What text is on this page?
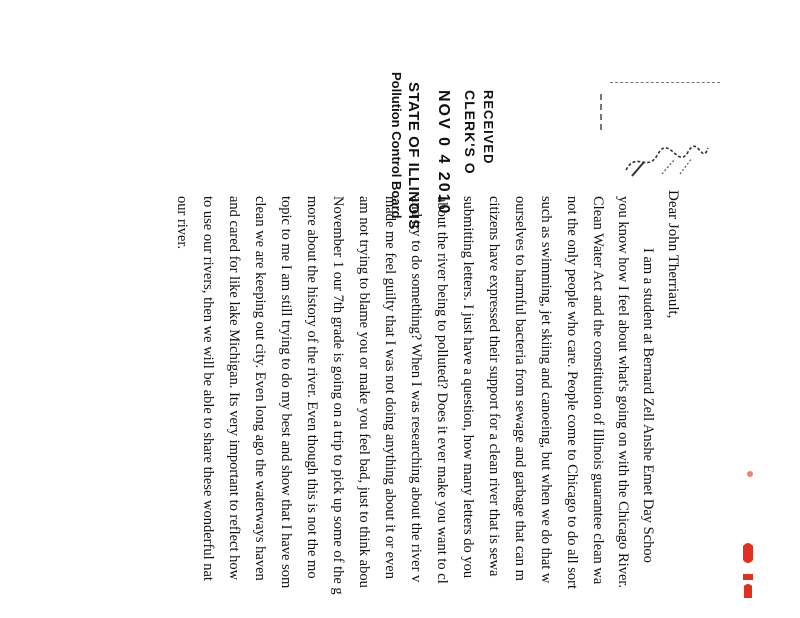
RECEIVED
CLERK'S O
NOV 0 4 2010
STATE OF ILLINOIS
Pollution Control Board
Dear John Therriault,
I am a student at Bernard Zell Anshe Emet Day Schoo
you know how I feel about what's going on with the Chicago River.
Clean Water Act and the constitution of Illinois guarantee clean wa
not the only people who care. People come to Chicago to do all sort
such as swimming, jet skiing and canoeing, but when we do that w
ourselves to harmful bacteria from sewage and garbage that can m
citizens have expressed their support for a clean river that is sewa
submitting letters. I just have a question, how many letters do you
about the river being to polluted? Does it ever make you want to cl
and try to do something? When I was researching about the river v
made me feel guilty that I was not doing anything about it or even
am not trying to blame you or make you feel bad, just to think abou
November 1 our 7th grade is going on a trip to pick up some of the g
more about the history of the river. Even though this is not the mo
topic to me I am still trying to do my best and show that I have som
clean we are keeping out city. Even long ago the waterways haven
and cared for like lake Michigan. Its very important to reflect how
to use our rivers, then we will be able to share these wonderful nat
our river.
